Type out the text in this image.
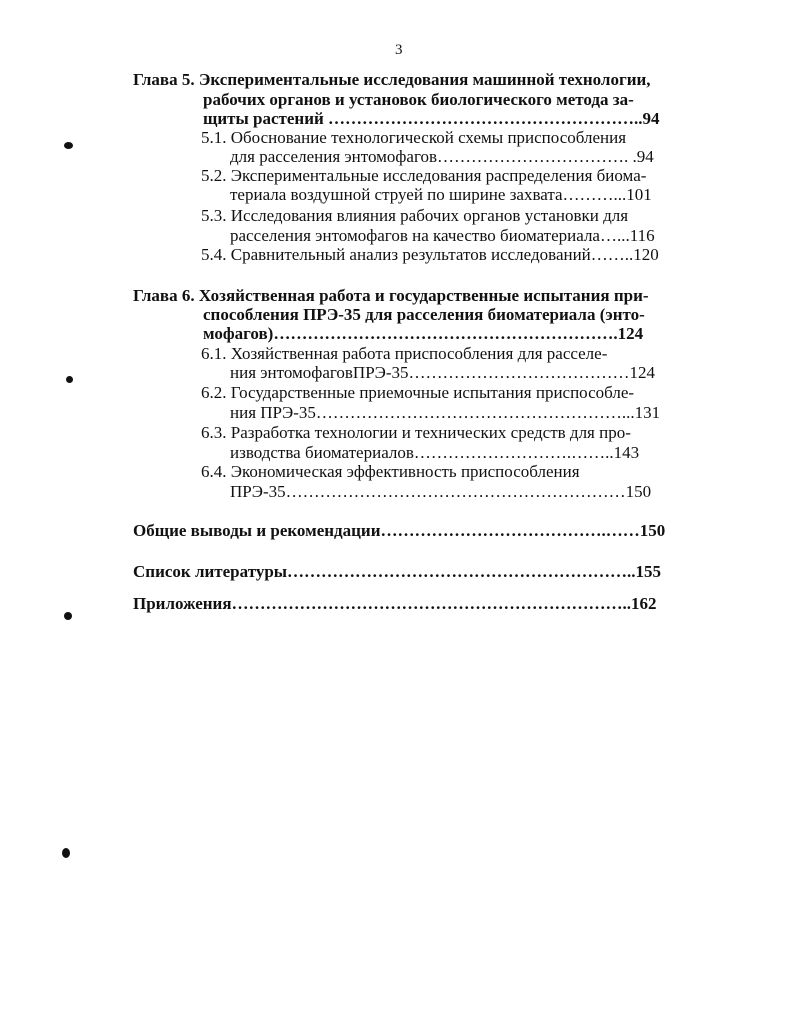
3
Глава 5. Экспериментальные исследования машинной технологии,
рабочих органов и установок биологического метода за-
щиты растений ………………………………………………..94
5.1. Обоснование технологической схемы приспособления
для расселения энтомофагов……………………………. .94
5.2. Экспериментальные исследования распределения биома-
териала воздушной струей по ширине захвата………...101
5.3. Исследования влияния рабочих органов установки для
расселения энтомофагов на качество биоматериала…...116
5.4. Сравнительный анализ результатов исследований……..120
Глава 6. Хозяйственная работа и государственные испытания при-
способления ПРЭ-35 для расселения биоматериала (энто-
мофагов)…………………………………………………….124
6.1. Хозяйственная работа приспособления для расселе-
ния энтомофаговПРЭ-35…………………………………124
6.2. Государственные приемочные испытания приспособле-
ния ПРЭ-35………………………………………………...131
6.3. Разработка технологии и технических средств для про-
изводства биоматериалов……………………….……..143
6.4. Экономическая эффективность приспособления
ПРЭ-35……………………………………………………150
Общие выводы и рекомендации………………………………….……150
Список литературы……………………………………………………..155
Приложения……………………………………………………………..162
